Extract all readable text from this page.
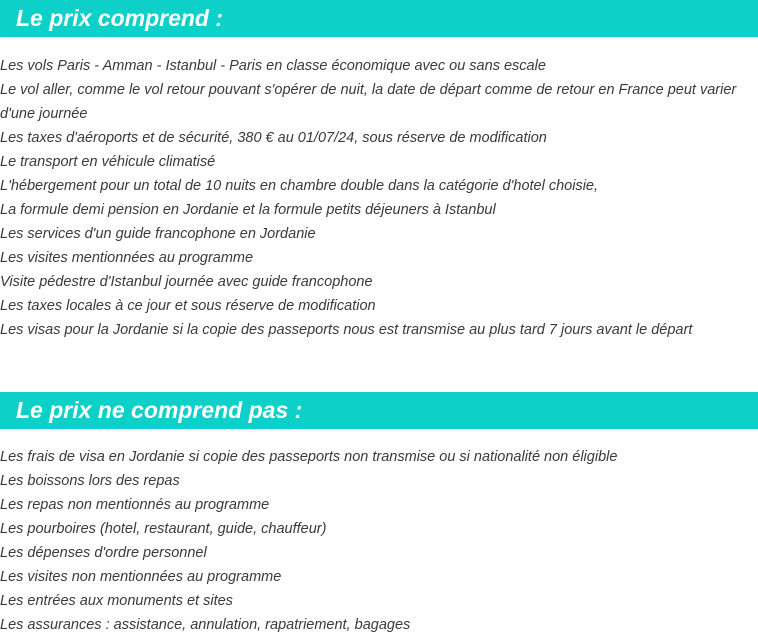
Le prix comprend :
Les vols Paris - Amman - Istanbul - Paris en classe économique avec ou sans escale
Le vol aller, comme le vol retour pouvant s'opérer de nuit, la date de départ comme de retour en France peut varier d'une journée
Les taxes d'aéroports et de sécurité, 380 € au 01/07/24, sous réserve de modification
Le transport en véhicule climatisé
L'hébergement pour un total de 10 nuits en chambre double dans la catégorie d'hotel choisie,
La formule demi pension en Jordanie et la formule petits déjeuners à Istanbul
Les services d'un guide francophone en Jordanie
Les visites mentionnées au programme
Visite pédestre d'Istanbul journée avec guide francophone
Les taxes locales à ce jour et sous réserve de modification
Les visas pour la Jordanie si la copie des passeports nous est transmise au plus tard 7 jours avant le départ
Le prix ne comprend pas :
Les frais de visa en Jordanie si copie des passeports non transmise ou si nationalité non éligible
Les boissons lors des repas
Les repas non mentionnés au programme
Les pourboires (hotel, restaurant, guide, chauffeur)
Les dépenses d'ordre personnel
Les visites non mentionnées au programme
Les entrées aux monuments et sites
Les assurances : assistance, annulation, rapatriement, bagages
